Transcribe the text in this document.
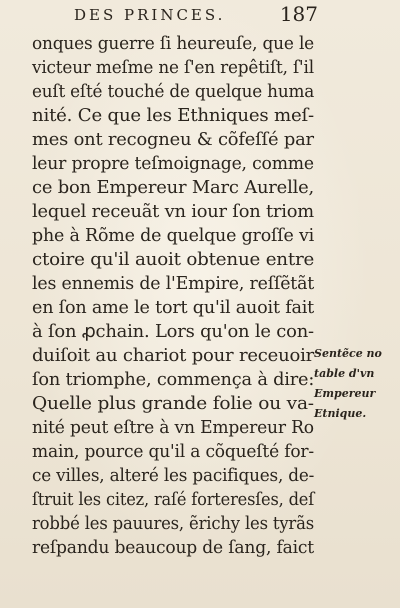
DES PRINCES.	187
onques guerre ſi heureuſe, que le
victeur meſme ne ſ'en repêtiſt, ſ'il
euſt eſté touché de quelque huma
nité. Ce que les Ethniques meſ-
mes ont recogneu & cõfeſſé par
leur propre teſmoignage, comme
ce bon Empereur Marc Aurelle,
lequel receuãt vn iour ſon triom
phe à Rõme de quelque groſſe vi
ctoire qu'il auoit obtenue entre
les ennemis de l'Empire, reſſẽtãt
en ſon ame le tort qu'il auoit fait
à ſon ꝓchain. Lors qu'on le con-
duiſoit au chariot pour receuoir
ſon triomphe, commença à dire:
Quelle plus grande folie ou va-
nité peut eſtre à vn Empereur Ro
main, pource qu'il a cõqueſté for-
ce villes, alteré les pacifiques, de-
ſtruit les citez, raſé forteresſes, deſ
robbé les pauures, ẽrichy les tyrãs
reſpandu beaucoup de ſang, faict
Sentẽce no
table d'vn
Empereur
Etnique.
